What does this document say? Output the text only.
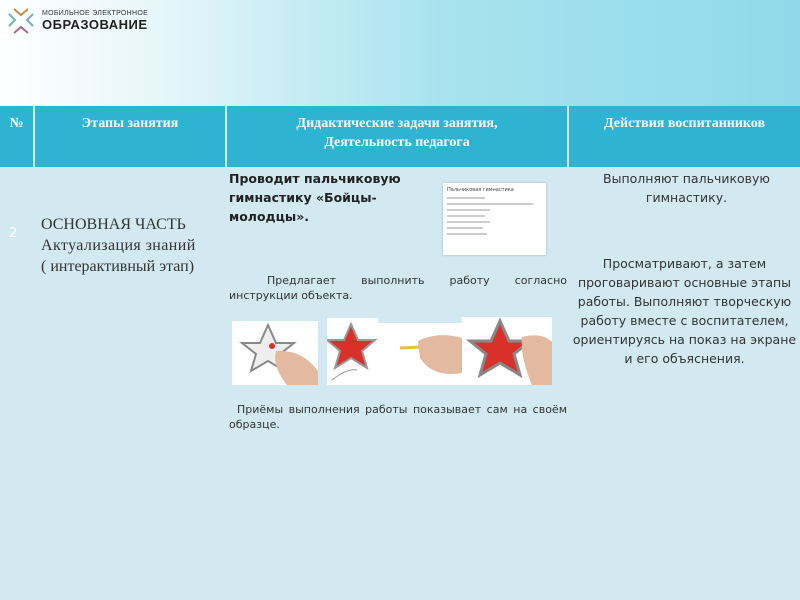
МОБИЛЬНОЕ ЭЛЕКТРОННОЕ
ОБРАЗОВАНИЕ
№	Этапы занятия	Дидактические задачи занятия, Деятельность педагога
Действия воспитанников
2
ОСНОВНАЯ ЧАСТЬ
Актуализация знаний
( интерактивный этап)
Проводит пальчиковую гимнастику «Бойцы-молодцы».
Предлагает выполнить работу согласно инструкции объекта.
Приёмы выполнения работы показывает сам на своём образце.
Пальчиковая гимнастика
Выполняют пальчиковую гимнастику.
Просматривают, а затем проговаривают основные этапы работы. Выполняют творческую работу вместе с воспитателем, ориентируясь на показ на экране и его объяснения.
